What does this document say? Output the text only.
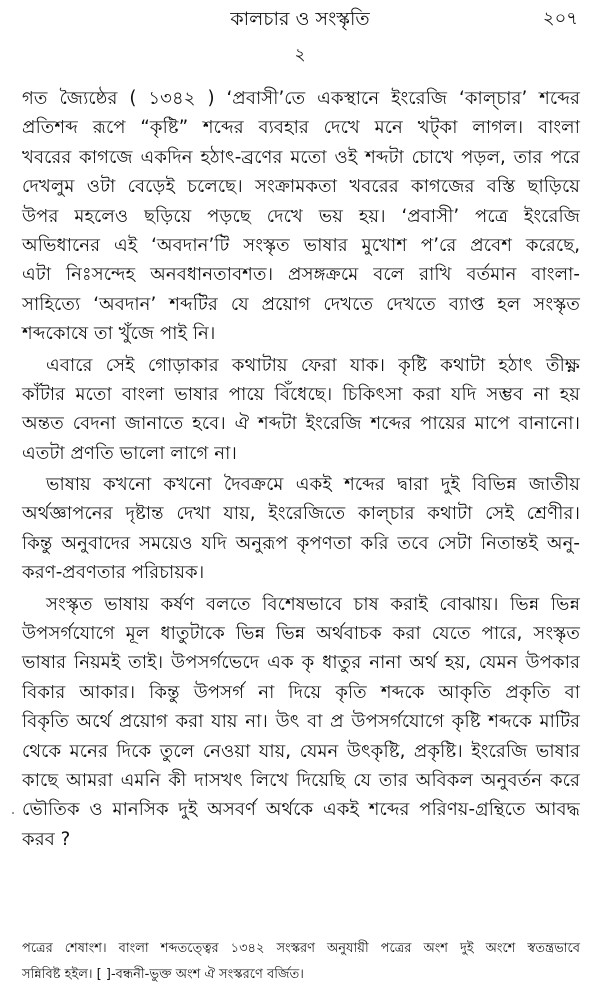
কালচার ও সংস্কৃতি	২০৭
২
গত জ্যৈষ্ঠের ( ১৩৪২ ) ‘প্রবাসী’তে একস্থানে ইংরেজি ‘কাল্‌চার’ শব্দের
প্রতিশব্দ রূপে “কৃষ্টি” শব্দের ব্যবহার দেখে মনে খট্‌কা লাগল। বাংলা
খবরের কাগজে একদিন হঠাৎ-ব্রণের মতো ওই শব্দটা চোখে পড়ল, তার পরে
দেখলুম ওটা বেড়েই চলেছে। সংক্রামকতা খবরের কাগজের বস্তি ছাড়িয়ে
উপর মহলেও ছড়িয়ে পড়ছে দেখে ভয় হয়। ‘প্রবাসী’ পত্রে ইংরেজি
অভিধানের এই ‘অবদান’টি সংস্কৃত ভাষার মুখোশ প’রে প্রবেশ করেছে,
এটা নিঃসন্দেহ অনবধানতাবশত। প্রসঙ্গক্রমে বলে রাখি বর্তমান বাংলা-
সাহিত্যে ‘অবদান’ শব্দটির যে প্রয়োগ দেখতে দেখতে ব্যাপ্ত হল সংস্কৃত
শব্দকোষে তা খুঁজে পাই নি।
এবারে সেই গোড়াকার কথাটায় ফেরা যাক। কৃষ্টি কথাটা হঠাৎ তীক্ষ্ণ
কাঁটার মতো বাংলা ভাষার পায়ে বিঁধেছে। চিকিৎসা করা যদি সম্ভব না হয়
অন্তত বেদনা জানাতে হবে। ঐ শব্দটা ইংরেজি শব্দের পায়ের মাপে বানানো।
এতটা প্রণতি ভালো লাগে না।
ভাষায় কখনো কখনো দৈবক্রমে একই শব্দের দ্বারা দুই বিভিন্ন জাতীয়
অর্থজ্ঞাপনের দৃষ্টান্ত দেখা যায়, ইংরেজিতে কাল্‌চার কথাটা সেই শ্রেণীর।
কিন্তু অনুবাদের সময়েও যদি অনুরূপ কৃপণতা করি তবে সেটা নিতান্তই অনু-
করণ-প্রবণতার পরিচায়ক।
সংস্কৃত ভাষায় কর্ষণ বলতে বিশেষভাবে চাষ করাই বোঝায়। ভিন্ন ভিন্ন
উপসর্গযোগে মূল ধাতুটাকে ভিন্ন ভিন্ন অর্থবাচক করা যেতে পারে, সংস্কৃত
ভাষার নিয়মই তাই। উপসর্গভেদে এক কৃ ধাতুর নানা অর্থ হয়, যেমন উপকার
বিকার আকার। কিন্তু উপসর্গ না দিয়ে কৃতি শব্দকে আকৃতি প্রকৃতি বা
বিকৃতি অর্থে প্রয়োগ করা যায় না। উৎ বা প্র উপসর্গযোগে কৃষ্টি শব্দকে মাটির
থেকে মনের দিকে তুলে নেওয়া যায়, যেমন উৎকৃষ্টি, প্রকৃষ্টি। ইংরেজি ভাষার
কাছে আমরা এমনি কী দাসখৎ লিখে দিয়েছি যে তার অবিকল অনুবর্তন করে
ভৌতিক ও মানসিক দুই অসবর্ণ অর্থকে একই শব্দের পরিণয়-গ্রন্থিতে আবদ্ধ
করব ?
পত্রের শেষাংশ। বাংলা শব্দতত্ত্বের ১৩৪২ সংস্করণ অনুযায়ী পত্রের অংশ দুই অংশে স্বতন্ত্রভাবে
সন্নিবিষ্ট হইল। [ ]-বন্ধনী-ভুক্ত অংশ ঐ সংস্করণে বর্জিত।
